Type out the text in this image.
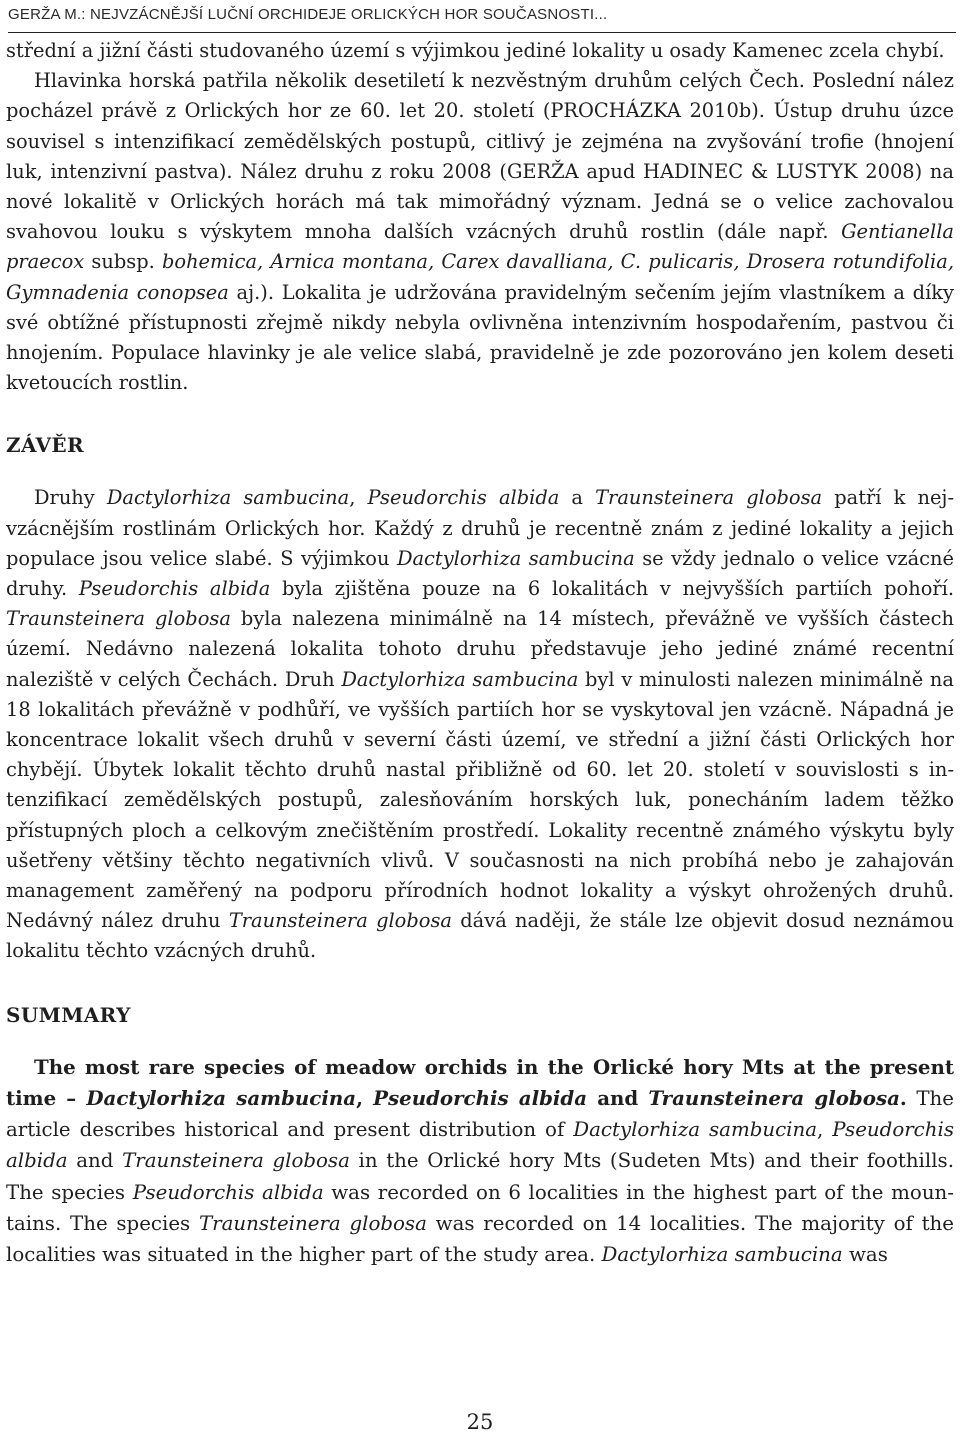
GERŽA M.: NEJVZÁCNĚJŠÍ LUČNÍ ORCHIDEJE ORLICKÝCH HOR SOUČASNOSTI...

střední a jižní části studovaného území s výjimkou jediné lokality u osady Kamenec zcela chybí.

Hlavinka horská patřila několik desetiletí k nezvěstným druhům celých Čech. Poslední nález pocházel právě z Orlických hor ze 60. let 20. století (PROCHÁZKA 2010b). Ústup druhu úzce souvisel s intenzifikací zemědělských postupů, citlivý je zejména na zvyšování trofie (hnojení luk, intenzivní pastva). Nález druhu z roku 2008 (GERŽA apud HADINEC & LUSTYK 2008) na nové lokalitě v Orlických horách má tak mimořádný význam. Jedná se o velice zachovalou svahovou louku s výskytem mnoha dalších vzácných druhů rostlin (dále např. Gentianella praecox subsp. bohemica, Arnica montana, Carex davalliana, C. pulicaris, Drosera rotundifolia, Gymnadenia conopsea aj.). Lokalita je udržována pravidelným sečením jejím vlastníkem a díky své obtížné přístupnosti zřejmě nikdy nebyla ovlivněna intenzivním hospodařením, pastvou či hnojením. Populace hlavinky je ale velice slabá, pravidelně je zde pozorováno jen kolem deseti kvetoucích rostlin.

ZÁVĚR

Druhy Dactylorhiza sambucina, Pseudorchis albida a Traunsteinera globosa patří k nejvzácnějším rostlinám Orlických hor. Každý z druhů je recentně znám z jediné lokality a jejich populace jsou velice slabé. S výjimkou Dactylorhiza sambucina se vždy jednalo o velice vzácné druhy. Pseudorchis albida byla zjištěna pouze na 6 lokalitách v nejvyšších partiích pohoří. Traunsteinera globosa byla nalezena minimálně na 14 místech, převážně ve vyšších částech území. Nedávno nalezená lokalita tohoto druhu představuje jeho jediné známé recentní naleziště v celých Čechách. Druh Dactylorhiza sambucina byl v minulosti nalezen minimálně na 18 lokalitách převážně v podhůří, ve vyšších partiích hor se vyskytoval jen vzácně. Nápadná je koncentrace lokalit všech druhů v severní části území, ve střední a jižní části Orlických hor chybějí. Úbytek lokalit těchto druhů nastal přibližně od 60. let 20. století v souvislosti s intenzifikací zemědělských postupů, zalesňováním horských luk, ponecháním ladem těžko přístupných ploch a celkovým znečištěním prostředí. Lokality recentně známého výskytu byly ušetřeny většiny těchto negativních vlivů. V současnosti na nich probíhá nebo je zahajován management zaměřený na podporu přírodních hodnot lokality a výskyt ohrožených druhů. Nedávný nález druhu Traunsteinera globosa dává naději, že stále lze objevit dosud neznámou lokalitu těchto vzácných druhů.

SUMMARY

The most rare species of meadow orchids in the Orlické hory Mts at the present time – Dactylorhiza sambucina, Pseudorchis albida and Traunsteinera globosa. The article describes historical and present distribution of Dactylorhiza sambucina, Pseudorchis albida and Traunsteinera globosa in the Orlické hory Mts (Sudeten Mts) and their foothills. The species Pseudorchis albida was recorded on 6 localities in the highest part of the mountains. The species Traunsteinera globosa was recorded on 14 localities. The majority of the localities was situated in the higher part of the study area. Dactylorhiza sambucina was

25
